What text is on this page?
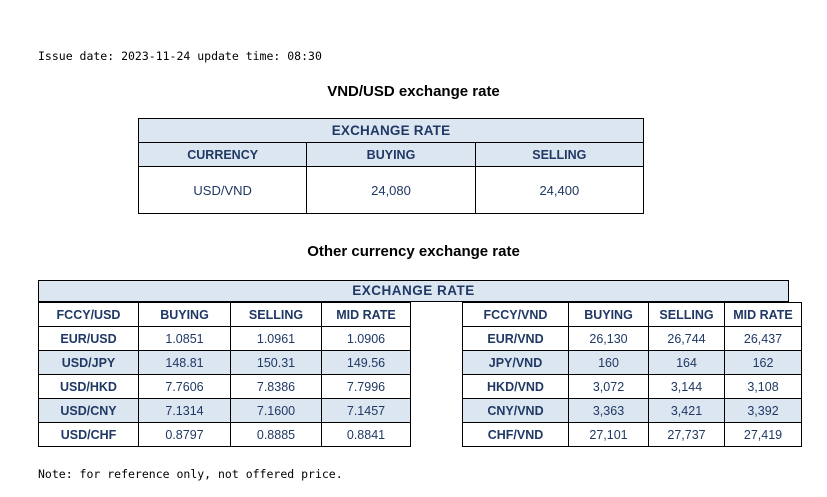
Issue date: 2023-11-24 update time: 08:30
VND/USD exchange rate
EXCHANGE RATE		
CURRENCY	BUYING	SELLING
USD/VND	24,080	24,400
Other currency exchange rate
EXCHANGE RATE
FCCY/USD	BUYING	SELLING	MID RATE
EUR/USD	1.0851	1.0961	1.0906
USD/JPY	148.81	150.31	149.56
USD/HKD	7.7606	7.8386	7.7996
USD/CNY	7.1314	7.1600	7.1457
USD/CHF	0.8797	0.8885	0.8841
FCCY/VND	BUYING	SELLING	MID RATE
EUR/VND	26,130	26,744	26,437
JPY/VND	160	164	162
HKD/VND	3,072	3,144	3,108
CNY/VND	3,363	3,421	3,392
CHF/VND	27,101	27,737	27,419
Note: for reference only, not offered price.
